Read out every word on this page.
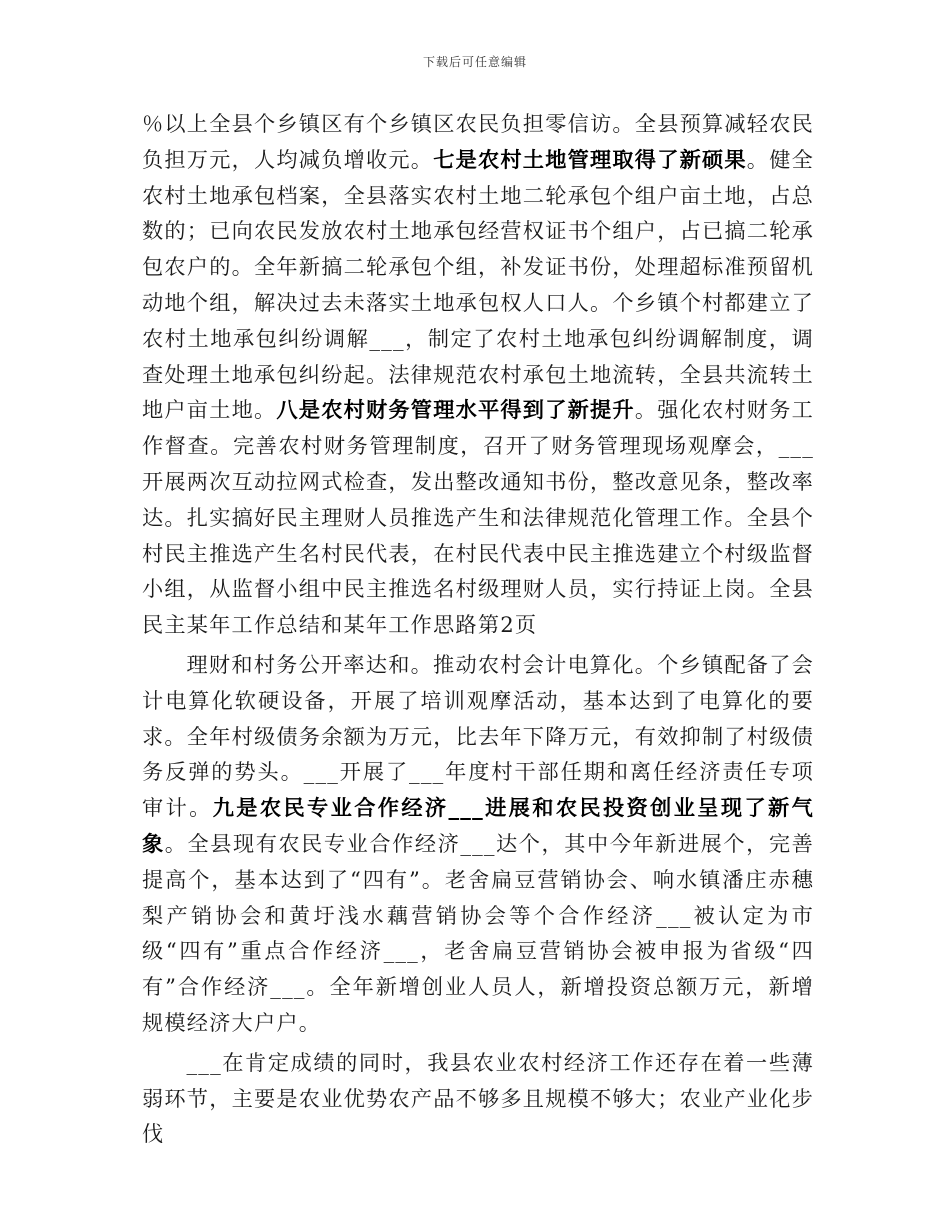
下载后可任意编辑

％以上全县个乡镇区有个乡镇区农民负担零信访。全县预算减轻农民负担万元，人均减负增收元。七是农村土地管理取得了新硕果。健全农村土地承包档案，全县落实农村土地二轮承包个组户亩土地，占总数的；已向农民发放农村土地承包经营权证书个组户，占已搞二轮承包农户的。全年新搞二轮承包个组，补发证书份，处理超标准预留机动地个组，解决过去未落实土地承包权人口人。个乡镇个村都建立了农村土地承包纠纷调解___，制定了农村土地承包纠纷调解制度，调查处理土地承包纠纷起。法律规范农村承包土地流转，全县共流转土地户亩土地。八是农村财务管理水平得到了新提升。强化农村财务工作督查。完善农村财务管理制度，召开了财务管理现场观摩会，___开展两次互动拉网式检查，发出整改通知书份，整改意见条，整改率达。扎实搞好民主理财人员推选产生和法律规范化管理工作。全县个村民主推选产生名村民代表，在村民代表中民主推选建立个村级监督小组，从监督小组中民主推选名村级理财人员，实行持证上岗。全县民主某年工作总结和某年工作思路第2页

理财和村务公开率达和。推动农村会计电算化。个乡镇配备了会计电算化软硬设备，开展了培训观摩活动，基本达到了电算化的要求。全年村级债务余额为万元，比去年下降万元，有效抑制了村级债务反弹的势头。___开展了___年度村干部任期和离任经济责任专项审计。九是农民专业合作经济___进展和农民投资创业呈现了新气象。全县现有农民专业合作经济___达个，其中今年新进展个，完善提高个，基本达到了“四有”。老舍扁豆营销协会、响水镇潘庄赤穗梨产销协会和黄圩浅水藕营销协会等个合作经济___被认定为市级“四有”重点合作经济___，老舍扁豆营销协会被申报为省级“四有”合作经济___。全年新增创业人员人，新增投资总额万元，新增规模经济大户户。

___在肯定成绩的同时，我县农业农村经济工作还存在着一些薄弱环节，主要是农业优势农产品不够多且规模不够大；农业产业化步伐
